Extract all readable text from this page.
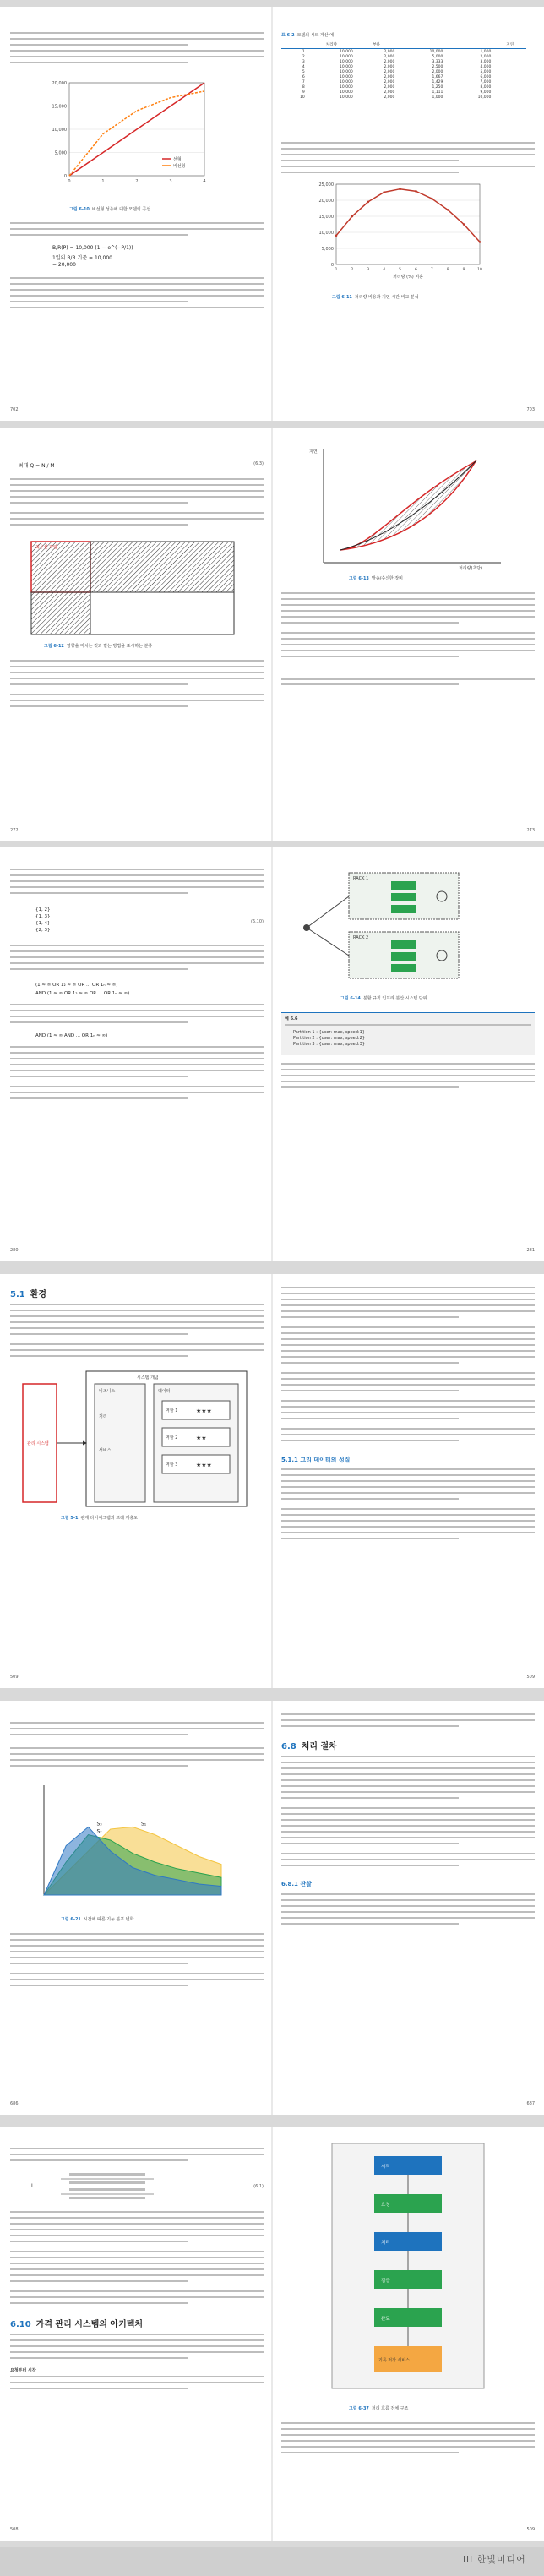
0
5,000
10,000
15,000
20,000
0	1	2	3	4
선형
비선형
그림 6-10 비선형 성능에 대한 모델링 곡선
B/R(P) = 10,000 (1 − e^(−P/1))
1일의 B/R 기준 = 10,000
= 20,000
702
표 6-2 모델의 시트 계산 예
	처리량	부하			지연
1	10,000	2,000	10,000	1,000	
2	10,000	2,000	5,000	2,000	
3	10,000	2,000	3,333	3,000	
4	10,000	2,000	2,500	4,000	
5	10,000	2,000	2,000	5,000	
6	10,000	2,000	1,667	6,000	
7	10,000	2,000	1,429	7,000	
8	10,000	2,000	1,250	8,000	
9	10,000	2,000	1,111	9,000	
10	10,000	2,000	1,000	10,000	
0
5,000
10,000
15,000
20,000
25,000
1	2	3	4	5	6	7	8	9	10
처리량 (%) 비용
그림 6-11 처리량 비용과 지연 시간 비교 분석
703
최대 Q = N / M	(6.3)
최우선 작업
그림 6-12 영향을 미치는 것과 받는 방법을 표시하는 분류
272
지연
처리량(초당)
그림 6-13 발송/수신한 장비
273
{1, 2}
{1, 3}
{1, 4}
{2, 3}
(6.10)
(1 ≈ ∞ OR 1₂ ≈ ∞ OR ... OR 1ₙ ≈ ∞)
AND (1 ≈ ∞ OR 1₂ ≈ ∞ OR ... OR 1ₙ ≈ ∞)
AND (1 ≈ ∞ AND ... OR 1ₙ ≈ ∞)
280
RACK 1
RACK 2
그림 6-14 분할 규칙 인프라 분산 시스템 단위
예 6.6
Partition 1 : {user: max, speed:1}
Partition 2 : {user: max, speed:2}
Partition 3 : {user: max, speed:3}
281
5.1 환경
관리 시스템
시스템 개념
비즈니스	데이터
처리
서비스
역할 1
역할 2
역할 3
★★★
★★
★★★
그림 5-1 관계 다이어그램과 프레 계층도
509
5.1.1 그리 데이터의 성질
509
S₁
S₂
S₃
그림 6-21 시간에 따른 기능 분포 변화
686
6.8 처리 절차
6.8.1 관찰
687
L	(6.1)
6.10 가격 관리 시스템의 아키텍처
요청부터 시작
508
시작
요청
처리
검증
완료
기록 저장 서비스
그림 6-37 처리 흐름 전체 구조
509
iii 한빛미디어
